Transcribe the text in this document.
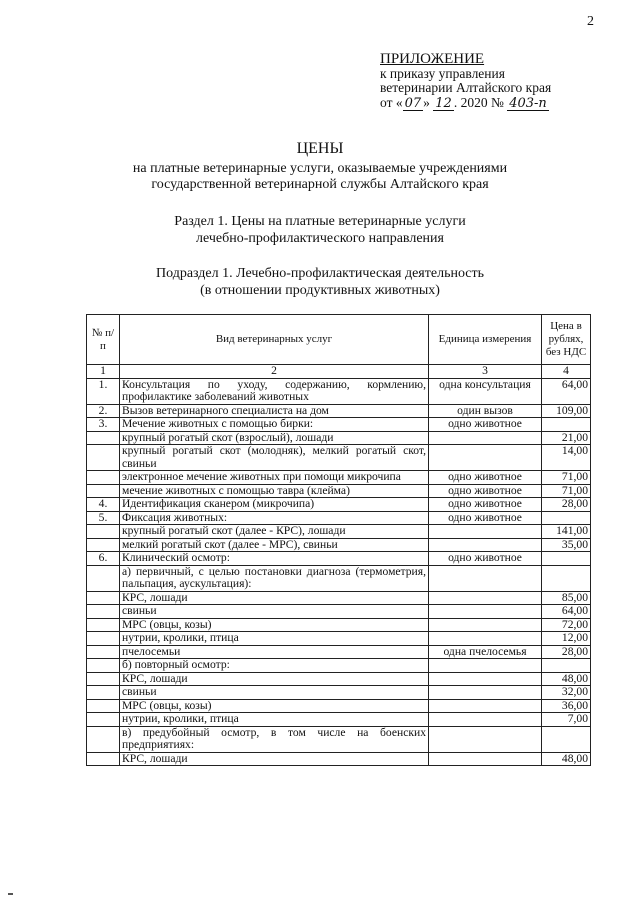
2
ПРИЛОЖЕНИЕ
к приказу управления
ветеринарии Алтайского края
от « 07 » 12 . 2020 № 403-п
ЦЕНЫ
на платные ветеринарные услуги, оказываемые учреждениями
государственной ветеринарной службы Алтайского края
Раздел 1. Цены на платные ветеринарные услуги
лечебно-профилактического направления
Подраздел 1. Лечебно-профилактическая деятельность
(в отношении продуктивных животных)
№ п/п	Вид ветеринарных услуг	Единица измерения	Цена в рублях, без НДС
1	2	3	4
1.	Консультация по уходу, содержанию, кормлению, профилактике заболеваний животных	одна консультация	64,00
2.	Вызов ветеринарного специалиста на дом	один вызов	109,00
3.	Мечение животных с помощью бирки:	одно животное	
	крупный рогатый скот (взрослый), лошади		21,00
	крупный рогатый скот (молодняк), мелкий рогатый скот, свиньи		14,00
	электронное мечение животных при помощи микрочипа	одно животное	71,00
	мечение животных с помощью тавра (клейма)	одно животное	71,00
4.	Идентификация сканером (микрочипа)	одно животное	28,00
5.	Фиксация животных:	одно животное	
	крупный рогатый скот (далее - КРС), лошади		141,00
	мелкий рогатый скот (далее - МРС), свиньи		35,00
6.	Клинический осмотр:	одно животное	
	а) первичный, с целью постановки диагноза (термометрия, пальпация, аускультация):		
	КРС, лошади		85,00
	свиньи		64,00
	МРС (овцы, козы)		72,00
	нутрии, кролики, птица		12,00
	пчелосемьи	одна пчелосемья	28,00
	б) повторный осмотр:		
	КРС, лошади		48,00
	свиньи		32,00
	МРС (овцы, козы)		36,00
	нутрии, кролики, птица		7,00
	в) предубойный осмотр, в том числе на боенских предприятиях:		
	КРС, лошади		48,00
